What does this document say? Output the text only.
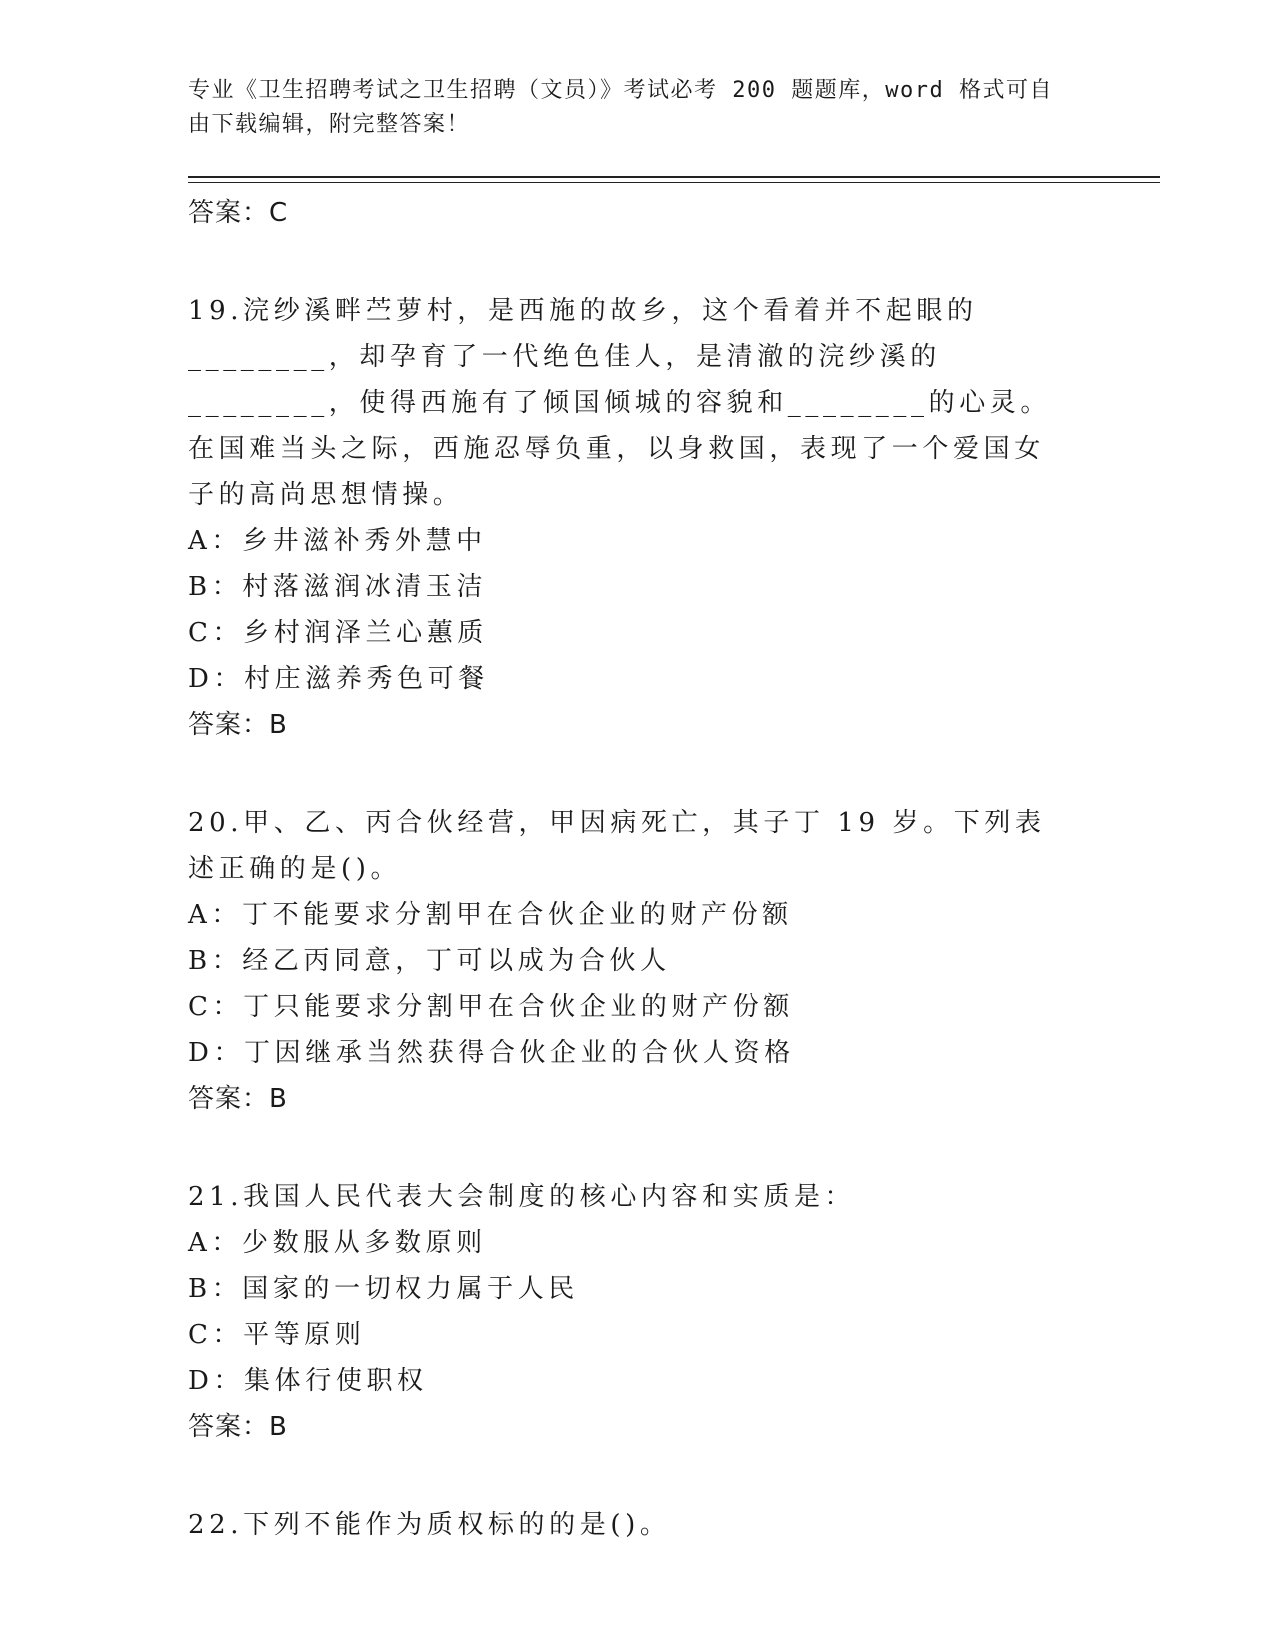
专业《卫生招聘考试之卫生招聘（文员）》考试必考 200 题题库，word 格式可自由下载编辑，附完整答案！

答案：C

19.浣纱溪畔苎萝村，是西施的故乡，这个看着并不起眼的________，却孕育了一代绝色佳人，是清澈的浣纱溪的________，使得西施有了倾国倾城的容貌和________的心灵。在国难当头之际，西施忍辱负重，以身救国，表现了一个爱国女子的高尚思想情操。

A：乡井滋补秀外慧中

B：村落滋润冰清玉洁

C：乡村润泽兰心蕙质

D：村庄滋养秀色可餐

答案：B

20.甲、乙、丙合伙经营，甲因病死亡，其子丁 19 岁。下列表述正确的是()。

A：丁不能要求分割甲在合伙企业的财产份额

B：经乙丙同意，丁可以成为合伙人

C：丁只能要求分割甲在合伙企业的财产份额

D：丁因继承当然获得合伙企业的合伙人资格

答案：B

21.我国人民代表大会制度的核心内容和实质是：

A：少数服从多数原则

B：国家的一切权力属于人民

C：平等原则

D：集体行使职权

答案：B

22.下列不能作为质权标的的是()。
